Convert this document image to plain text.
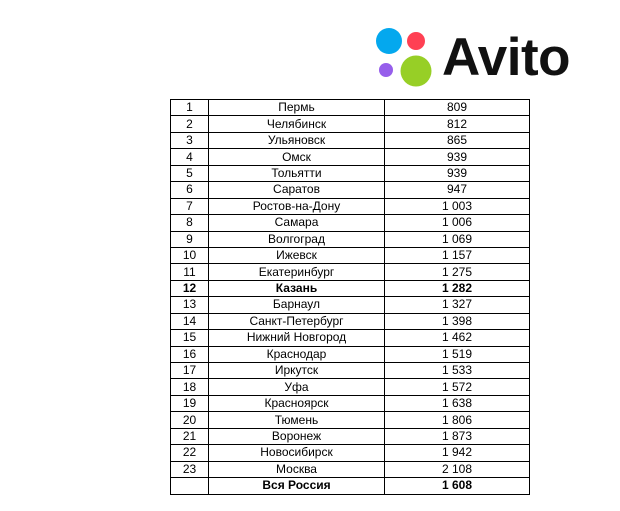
Avito
1	Пермь	809
2	Челябинск	812
3	Ульяновск	865
4	Омск	939
5	Тольятти	939
6	Саратов	947
7	Ростов-на-Дону	1 003
8	Самара	1 006
9	Волгоград	1 069
10	Ижевск	1 157
11	Екатеринбург	1 275
12	Казань	1 282
13	Барнаул	1 327
14	Санкт-Петербург	1 398
15	Нижний Новгород	1 462
16	Краснодар	1 519
17	Иркутск	1 533
18	Уфа	1 572
19	Красноярск	1 638
20	Тюмень	1 806
21	Воронеж	1 873
22	Новосибирск	1 942
23	Москва	2 108
	Вся Россия	1 608
